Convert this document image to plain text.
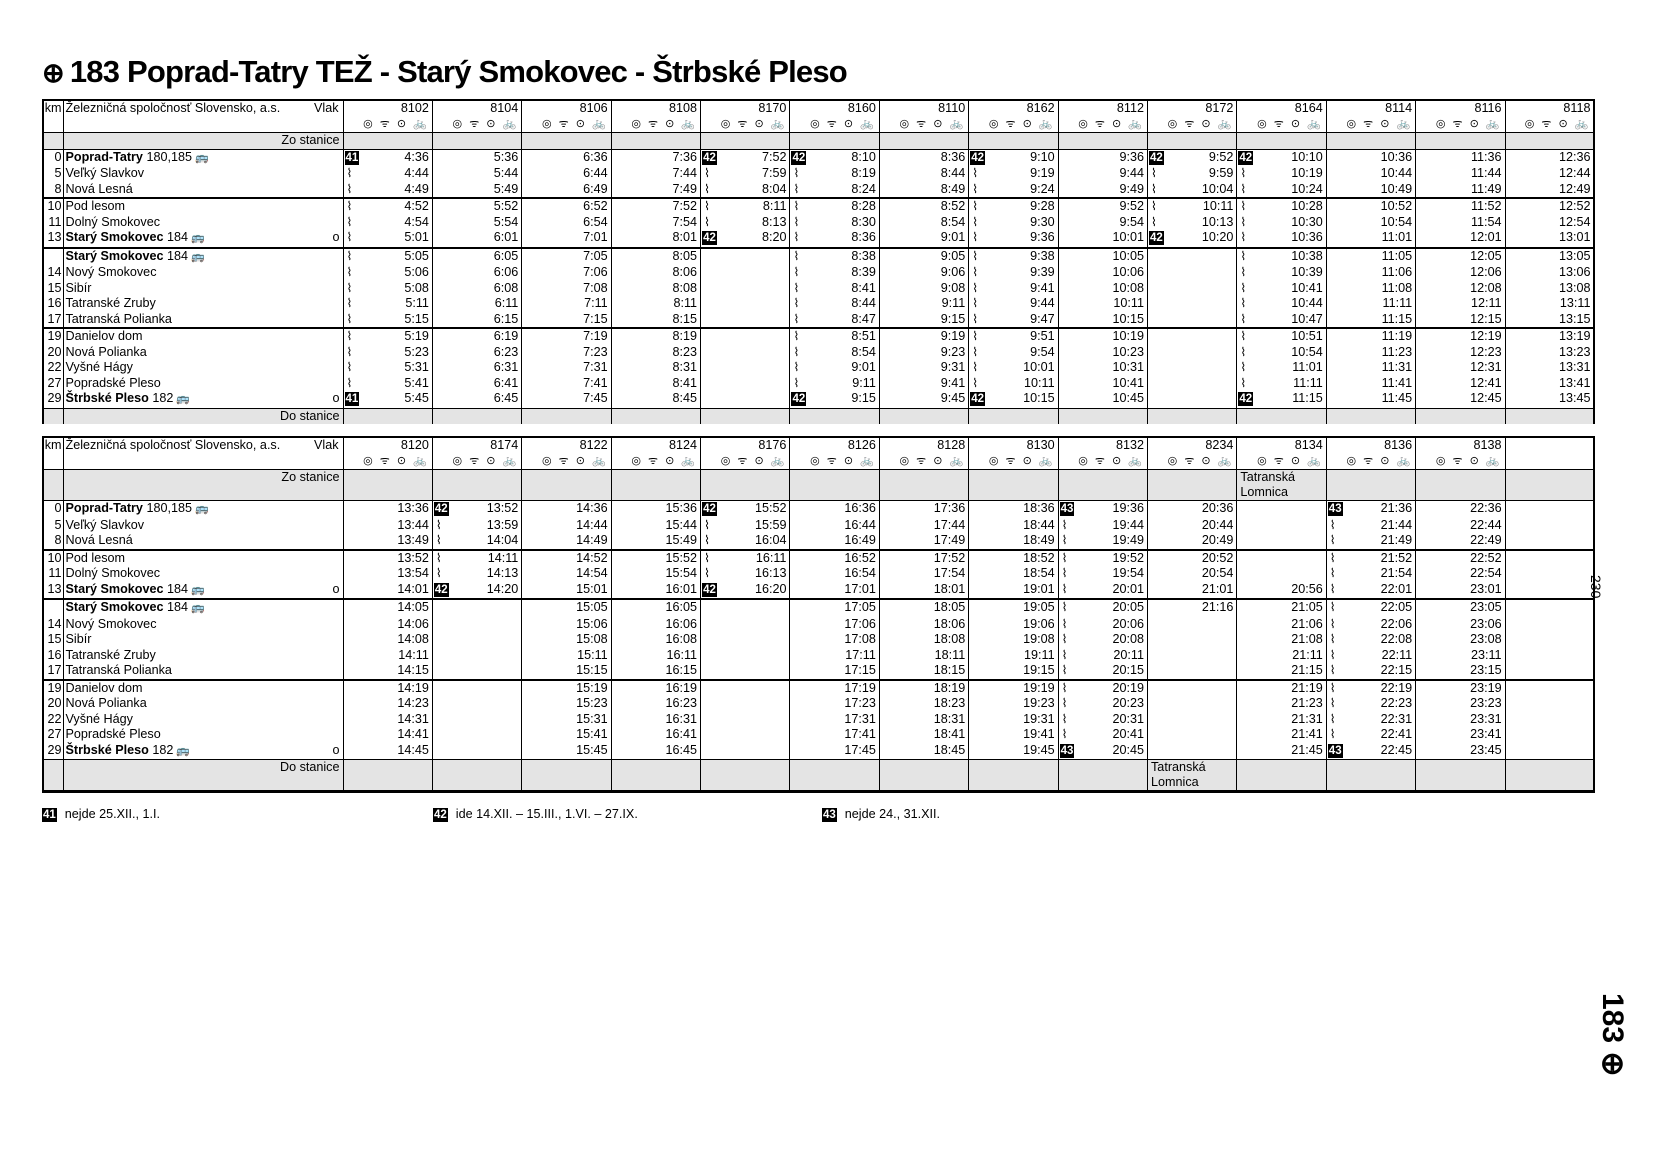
⊕ 183 Poprad-Tatry TEŽ - Starý Smokovec - Štrbské Pleso
km	Železničná spoločnosť Slovensko, a.s. Vlak	8102	8104	8106	8108	8170	8160	8110	8162	8112	8172	8164	8114	8116	8118
		◎ ᯤ ⊙ 🚲	◎ ᯤ ⊙ 🚲	◎ ᯤ ⊙ 🚲	◎ ᯤ ⊙ 🚲	◎ ᯤ ⊙ 🚲	◎ ᯤ ⊙ 🚲	◎ ᯤ ⊙ 🚲	◎ ᯤ ⊙ 🚲	◎ ᯤ ⊙ 🚲	◎ ᯤ ⊙ 🚲	◎ ᯤ ⊙ 🚲	◎ ᯤ ⊙ 🚲	◎ ᯤ ⊙ 🚲	◎ ᯤ ⊙ 🚲
	Zo stanice														
0	Poprad-Tatry 180,185 🚌	41 4:36	5:36	6:36	7:36	42 7:52	42 8:10	8:36	42 9:10	9:36	42 9:52	42 10:10	10:36	11:36	12:36
5	Veľký Slavkov	⌇ 4:44	5:44	6:44	7:44	⌇ 7:59	⌇ 8:19	8:44	⌇ 9:19	9:44	⌇ 9:59	⌇ 10:19	10:44	11:44	12:44
8	Nová Lesná	⌇ 4:49	5:49	6:49	7:49	⌇ 8:04	⌇ 8:24	8:49	⌇ 9:24	9:49	⌇ 10:04	⌇ 10:24	10:49	11:49	12:49
10	Pod lesom	⌇ 4:52	5:52	6:52	7:52	⌇ 8:11	⌇ 8:28	8:52	⌇ 9:28	9:52	⌇ 10:11	⌇ 10:28	10:52	11:52	12:52
11	Dolný Smokovec	⌇ 4:54	5:54	6:54	7:54	⌇ 8:13	⌇ 8:30	8:54	⌇ 9:30	9:54	⌇ 10:13	⌇ 10:30	10:54	11:54	12:54
13	Starý Smokovec 184 🚌 o	⌇ 5:01	6:01	7:01	8:01	42 8:20	⌇ 8:36	9:01	⌇ 9:36	10:01	42 10:20	⌇ 10:36	11:01	12:01	13:01
	Starý Smokovec 184 🚌	⌇ 5:05	6:05	7:05	8:05		⌇ 8:38	9:05	⌇ 9:38	10:05		⌇ 10:38	11:05	12:05	13:05
14	Nový Smokovec	⌇ 5:06	6:06	7:06	8:06		⌇ 8:39	9:06	⌇ 9:39	10:06		⌇ 10:39	11:06	12:06	13:06
15	Sibír	⌇ 5:08	6:08	7:08	8:08		⌇ 8:41	9:08	⌇ 9:41	10:08		⌇ 10:41	11:08	12:08	13:08
16	Tatranské Zruby	⌇ 5:11	6:11	7:11	8:11		⌇ 8:44	9:11	⌇ 9:44	10:11		⌇ 10:44	11:11	12:11	13:11
17	Tatranská Polianka	⌇ 5:15	6:15	7:15	8:15		⌇ 8:47	9:15	⌇ 9:47	10:15		⌇ 10:47	11:15	12:15	13:15
19	Danielov dom	⌇ 5:19	6:19	7:19	8:19		⌇ 8:51	9:19	⌇ 9:51	10:19		⌇ 10:51	11:19	12:19	13:19
20	Nová Polianka	⌇ 5:23	6:23	7:23	8:23		⌇ 8:54	9:23	⌇ 9:54	10:23		⌇ 10:54	11:23	12:23	13:23
22	Vyšné Hágy	⌇ 5:31	6:31	7:31	8:31		⌇ 9:01	9:31	⌇ 10:01	10:31		⌇ 11:01	11:31	12:31	13:31
27	Popradské Pleso	⌇ 5:41	6:41	7:41	8:41		⌇ 9:11	9:41	⌇ 10:11	10:41		⌇ 11:11	11:41	12:41	13:41
29	Štrbské Pleso 182 🚌 o	41 5:45	6:45	7:45	8:45		42 9:15	9:45	42 10:15	10:45		42 11:15	11:45	12:45	13:45
	Do stanice														
km	Železničná spoločnosť Slovensko, a.s. Vlak	8120	8174	8122	8124	8176	8126	8128	8130	8132	8234	8134	8136	8138	
		◎ ᯤ ⊙ 🚲	◎ ᯤ ⊙ 🚲	◎ ᯤ ⊙ 🚲	◎ ᯤ ⊙ 🚲	◎ ᯤ ⊙ 🚲	◎ ᯤ ⊙ 🚲	◎ ᯤ ⊙ 🚲	◎ ᯤ ⊙ 🚲	◎ ᯤ ⊙ 🚲	◎ ᯤ ⊙ 🚲	◎ ᯤ ⊙ 🚲	◎ ᯤ ⊙ 🚲	◎ ᯤ ⊙ 🚲	
	Zo stanice											Tatranská Lomnica			
0	Poprad-Tatry 180,185 🚌	13:36	42 13:52	14:36	15:36	42 15:52	16:36	17:36	18:36	43 19:36	20:36		43 21:36	22:36	
5	Veľký Slavkov	13:44	⌇ 13:59	14:44	15:44	⌇ 15:59	16:44	17:44	18:44	⌇ 19:44	20:44		⌇ 21:44	22:44	
8	Nová Lesná	13:49	⌇ 14:04	14:49	15:49	⌇ 16:04	16:49	17:49	18:49	⌇ 19:49	20:49		⌇ 21:49	22:49	
10	Pod lesom	13:52	⌇ 14:11	14:52	15:52	⌇ 16:11	16:52	17:52	18:52	⌇ 19:52	20:52		⌇ 21:52	22:52	
11	Dolný Smokovec	13:54	⌇ 14:13	14:54	15:54	⌇ 16:13	16:54	17:54	18:54	⌇ 19:54	20:54		⌇ 21:54	22:54	
13	Starý Smokovec 184 🚌 o	14:01	42 14:20	15:01	16:01	42 16:20	17:01	18:01	19:01	⌇ 20:01	21:01	20:56	⌇ 22:01	23:01	
	Starý Smokovec 184 🚌	14:05		15:05	16:05		17:05	18:05	19:05	⌇ 20:05	21:16	21:05	⌇ 22:05	23:05	
14	Nový Smokovec	14:06		15:06	16:06		17:06	18:06	19:06	⌇ 20:06		21:06	⌇ 22:06	23:06	
15	Sibír	14:08		15:08	16:08		17:08	18:08	19:08	⌇ 20:08		21:08	⌇ 22:08	23:08	
16	Tatranské Zruby	14:11		15:11	16:11		17:11	18:11	19:11	⌇ 20:11		21:11	⌇ 22:11	23:11	
17	Tatranská Polianka	14:15		15:15	16:15		17:15	18:15	19:15	⌇ 20:15		21:15	⌇ 22:15	23:15	
19	Danielov dom	14:19		15:19	16:19		17:19	18:19	19:19	⌇ 20:19		21:19	⌇ 22:19	23:19	
20	Nová Polianka	14:23		15:23	16:23		17:23	18:23	19:23	⌇ 20:23		21:23	⌇ 22:23	23:23	
22	Vyšné Hágy	14:31		15:31	16:31		17:31	18:31	19:31	⌇ 20:31		21:31	⌇ 22:31	23:31	
27	Popradské Pleso	14:41		15:41	16:41		17:41	18:41	19:41	⌇ 20:41		21:41	⌇ 22:41	23:41	
29	Štrbské Pleso 182 🚌 o	14:45		15:45	16:45		17:45	18:45	19:45	43 20:45		21:45	43 22:45	23:45	
	Do stanice										Tatranská Lomnica				
41 nejde 25.XII., 1.I.	42 ide 14.XII. – 15.III., 1.VI. – 27.IX.	43 nejde 24., 31.XII.
230
183 ⊕
